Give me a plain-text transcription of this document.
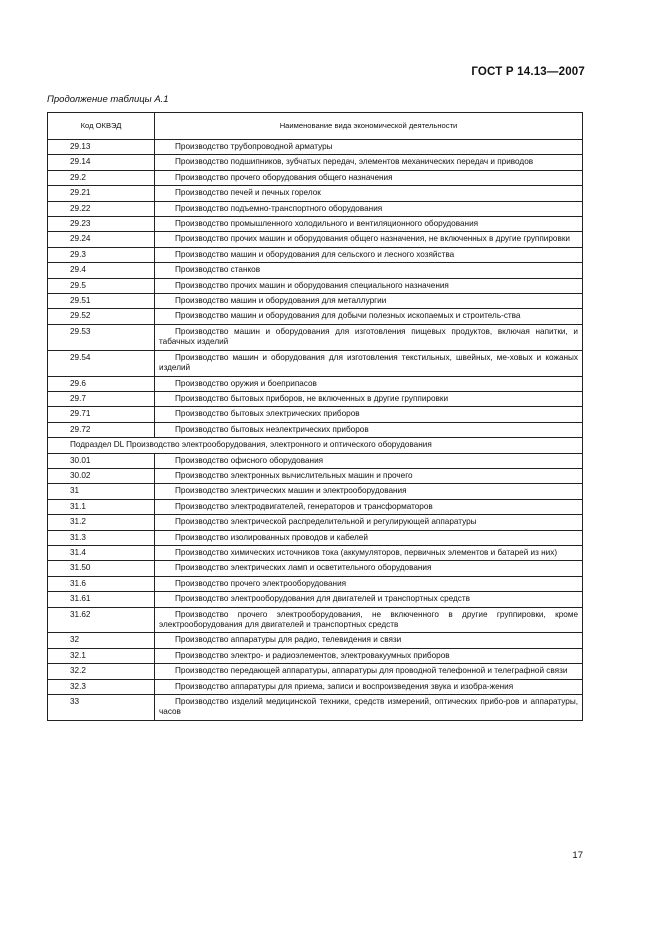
ГОСТ Р 14.13—2007
Продолжение таблицы А.1
Код ОКВЭД	Наименование вида экономической деятельности
29.13	Производство трубопроводной арматуры
29.14	Производство подшипников, зубчатых передач, элементов механических передач и приводов
29.2	Производство прочего оборудования общего назначения
29.21	Производство печей и печных горелок
29.22	Производство подъемно-транспортного оборудования
29.23	Производство промышленного холодильного и вентиляционного оборудования
29.24	Производство прочих машин и оборудования общего назначения, не включенных в другие группировки
29.3	Производство машин и оборудования для сельского и лесного хозяйства
29.4	Производство станков
29.5	Производство прочих машин и оборудования специального назначения
29.51	Производство машин и оборудования для металлургии
29.52	Производство машин и оборудования для добычи полезных ископаемых и строитель-ства
29.53	Производство машин и оборудования для изготовления пищевых продуктов, включая напитки, и табачных изделий
29.54	Производство машин и оборудования для изготовления текстильных, швейных, ме-ховых и кожаных изделий
29.6	Производство оружия и боеприпасов
29.7	Производство бытовых приборов, не включенных в другие группировки
29.71	Производство бытовых электрических приборов
29.72	Производство бытовых неэлектрических приборов
Подраздел DL Производство электрооборудования, электронного и оптического оборудования	
30.01	Производство офисного оборудования
30.02	Производство электронных вычислительных машин и прочего
31	Производство электрических машин и электрооборудования
31.1	Производство электродвигателей, генераторов и трансформаторов
31.2	Производство электрической распределительной и регулирующей аппаратуры
31.3	Производство изолированных проводов и кабелей
31.4	Производство химических источников тока (аккумуляторов, первичных элементов и батарей из них)
31.50	Производство электрических ламп и осветительного оборудования
31.6	Производство прочего электрооборудования
31.61	Производство электрооборудования для двигателей и транспортных средств
31.62	Производство прочего электрооборудования, не включенного в другие группировки, кроме электрооборудования для двигателей и транспортных средств
32	Производство аппаратуры для радио, телевидения и связи
32.1	Производство электро- и радиоэлементов, электровакуумных приборов
32.2	Производство передающей аппаратуры, аппаратуры для проводной телефонной и телеграфной связи
32.3	Производство аппаратуры для приема, записи и воспроизведения звука и изобра-жения
33	Производство изделий медицинской техники, средств измерений, оптических прибо-ров и аппаратуры, часов
17
